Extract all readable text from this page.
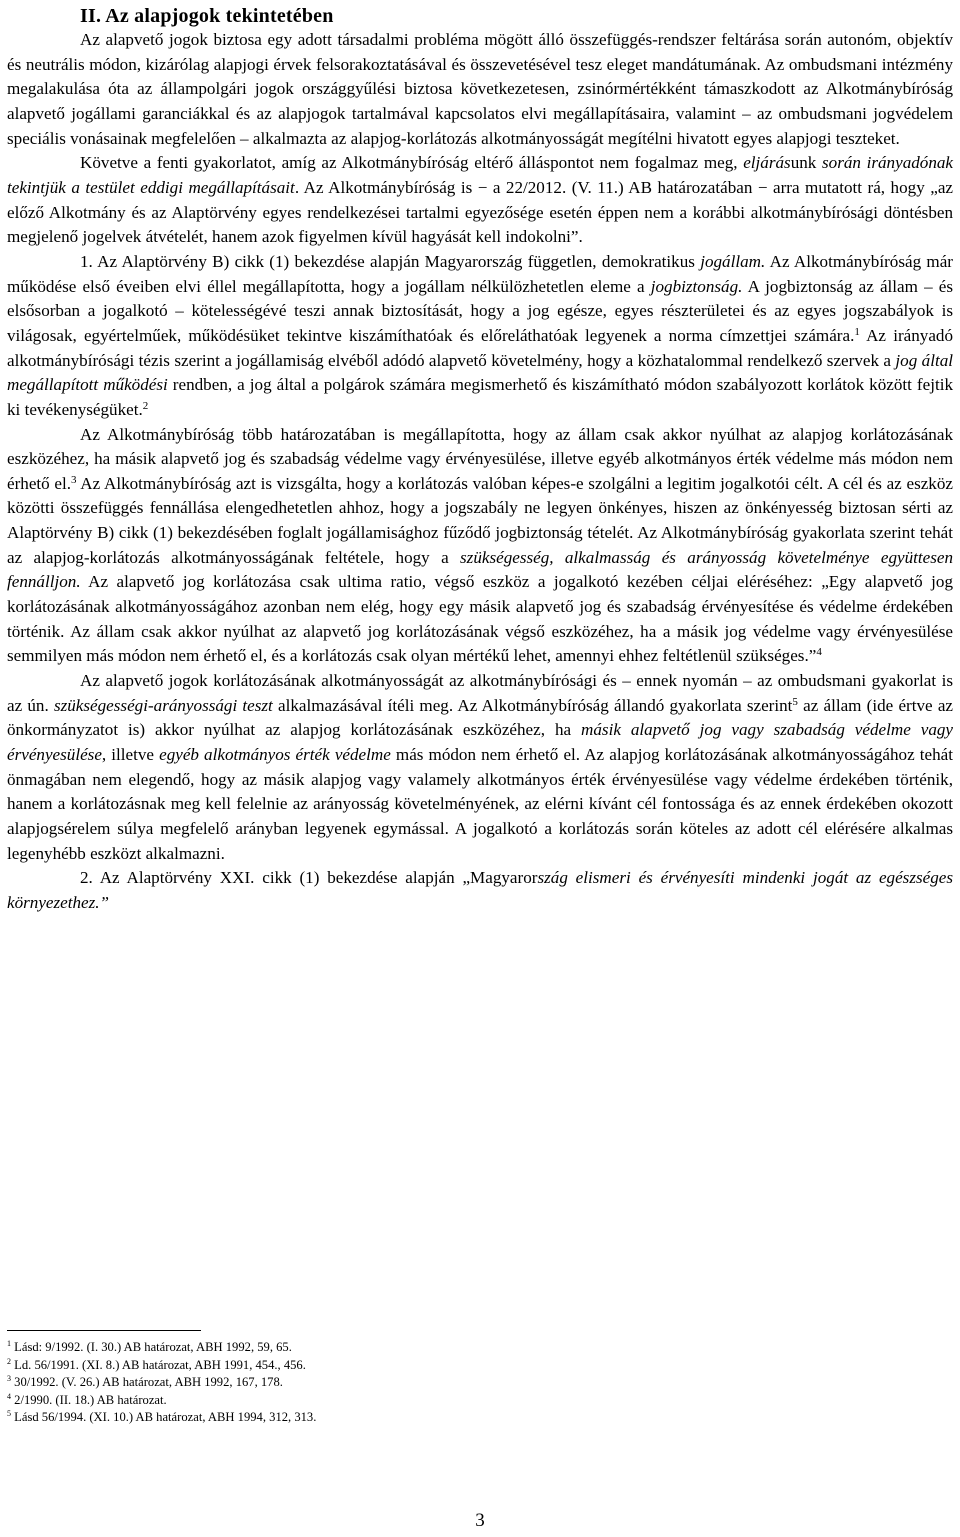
II. Az alapjogok tekintetében

Az alapvető jogok biztosa egy adott társadalmi probléma mögött álló összefüggés-rendszer feltárása során autonóm, objektív és neutrális módon, kizárólag alapjogi érvek felsorakoztatásával és összevetésével tesz eleget mandátumának. Az ombudsmani intézmény megalakulása óta az állampolgári jogok országgyűlési biztosa következetesen, zsinórmértékként támaszkodott az Alkotmánybíróság alapvető jogállami garanciákkal és az alapjogok tartalmával kapcsolatos elvi megállapításaira, valamint – az ombudsmani jogvédelem speciális vonásainak megfelelően – alkalmazta az alapjog-korlátozás alkotmányosságát megítélni hivatott egyes alapjogi teszteket.

Követve a fenti gyakorlatot, amíg az Alkotmánybíróság eltérő álláspontot nem fogalmaz meg, eljárásunk során irányadónak tekintjük a testület eddigi megállapításait. Az Alkotmánybíróság is − a 22/2012. (V. 11.) AB határozatában − arra mutatott rá, hogy „az előző Alkotmány és az Alaptörvény egyes rendelkezései tartalmi egyezősége esetén éppen nem a korábbi alkotmánybírósági döntésben megjelenő jogelvek átvételét, hanem azok figyelmen kívül hagyását kell indokolni”.

1. Az Alaptörvény B) cikk (1) bekezdése alapján Magyarország független, demokratikus jogállam. Az Alkotmánybíróság már működése első éveiben elvi éllel megállapította, hogy a jogállam nélkülözhetetlen eleme a jogbiztonság. A jogbiztonság az állam – és elsősorban a jogalkotó – kötelességévé teszi annak biztosítását, hogy a jog egésze, egyes részterületei és az egyes jogszabályok is világosak, egyértelműek, működésüket tekintve kiszámíthatóak és előreláthatóak legyenek a norma címzettjei számára.$^1$ Az irányadó alkotmánybírósági tézis szerint a jogállamiság elvéből adódó alapvető követelmény, hogy a közhatalommal rendelkező szervek a jog által megállapított működési rendben, a jog által a polgárok számára megismerhető és kiszámítható módon szabályozott korlátok között fejtik ki tevékenységüket.$^2$

Az Alkotmánybíróság több határozatában is megállapította, hogy az állam csak akkor nyúlhat az alapjog korlátozásának eszközéhez, ha másik alapvető jog és szabadság védelme vagy érvényesülése, illetve egyéb alkotmányos érték védelme más módon nem érhető el.$^3$ Az Alkotmánybíróság azt is vizsgálta, hogy a korlátozás valóban képes-e szolgálni a legitim jogalkotói célt. A cél és az eszköz közötti összefüggés fennállása elengedhetetlen ahhoz, hogy a jogszabály ne legyen önkényes, hiszen az önkényesség biztosan sérti az Alaptörvény B) cikk (1) bekezdésében foglalt jogállamisághoz fűződő jogbiztonság tételét. Az Alkotmánybíróság gyakorlata szerint tehát az alapjog-korlátozás alkotmányosságának feltétele, hogy a szükségesség, alkalmasság és arányosság követelménye együttesen fennálljon. Az alapvető jog korlátozása csak ultima ratio, végső eszköz a jogalkotó kezében céljai eléréséhez: „Egy alapvető jog korlátozásának alkotmányosságához azonban nem elég, hogy egy másik alapvető jog és szabadság érvényesítése és védelme érdekében történik. Az állam csak akkor nyúlhat az alapvető jog korlátozásának végső eszközéhez, ha a másik jog védelme vagy érvényesülése semmilyen más módon nem érhető el, és a korlátozás csak olyan mértékű lehet, amennyi ehhez feltétlenül szükséges.”$^4$

Az alapvető jogok korlátozásának alkotmányosságát az alkotmánybírósági és – ennek nyomán – az ombudsmani gyakorlat is az ún. szükségességi-arányossági teszt alkalmazásával ítéli meg. Az Alkotmánybíróság állandó gyakorlata szerint$^5$ az állam (ide értve az önkormányzatot is) akkor nyúlhat az alapjog korlátozásának eszközéhez, ha másik alapvető jog vagy szabadság védelme vagy érvényesülése, illetve egyéb alkotmányos érték védelme más módon nem érhető el. Az alapjog korlátozásának alkotmányosságához tehát önmagában nem elegendő, hogy az másik alapjog vagy valamely alkotmányos érték érvényesülése vagy védelme érdekében történik, hanem a korlátozásnak meg kell felelnie az arányosság követelményének, az elérni kívánt cél fontossága és az ennek érdekében okozott alapjogsérelem súlya megfelelő arányban legyenek egymással. A jogalkotó a korlátozás során köteles az adott cél elérésére alkalmas legenyhébb eszközt alkalmazni.

2. Az Alaptörvény XXI. cikk (1) bekezdése alapján „Magyarország elismeri és érvényesíti mindenki jogát az egészséges környezethez.”

$^1$ Lásd: 9/1992. (I. 30.) AB határozat, ABH 1992, 59, 65.

$^2$ Ld. 56/1991. (XI. 8.) AB határozat, ABH 1991, 454., 456.

$^3$ 30/1992. (V. 26.) AB határozat, ABH 1992, 167, 178.

$^4$ 2/1990. (II. 18.) AB határozat.

$^5$ Lásd 56/1994. (XI. 10.) AB határozat, ABH 1994, 312, 313.

3
